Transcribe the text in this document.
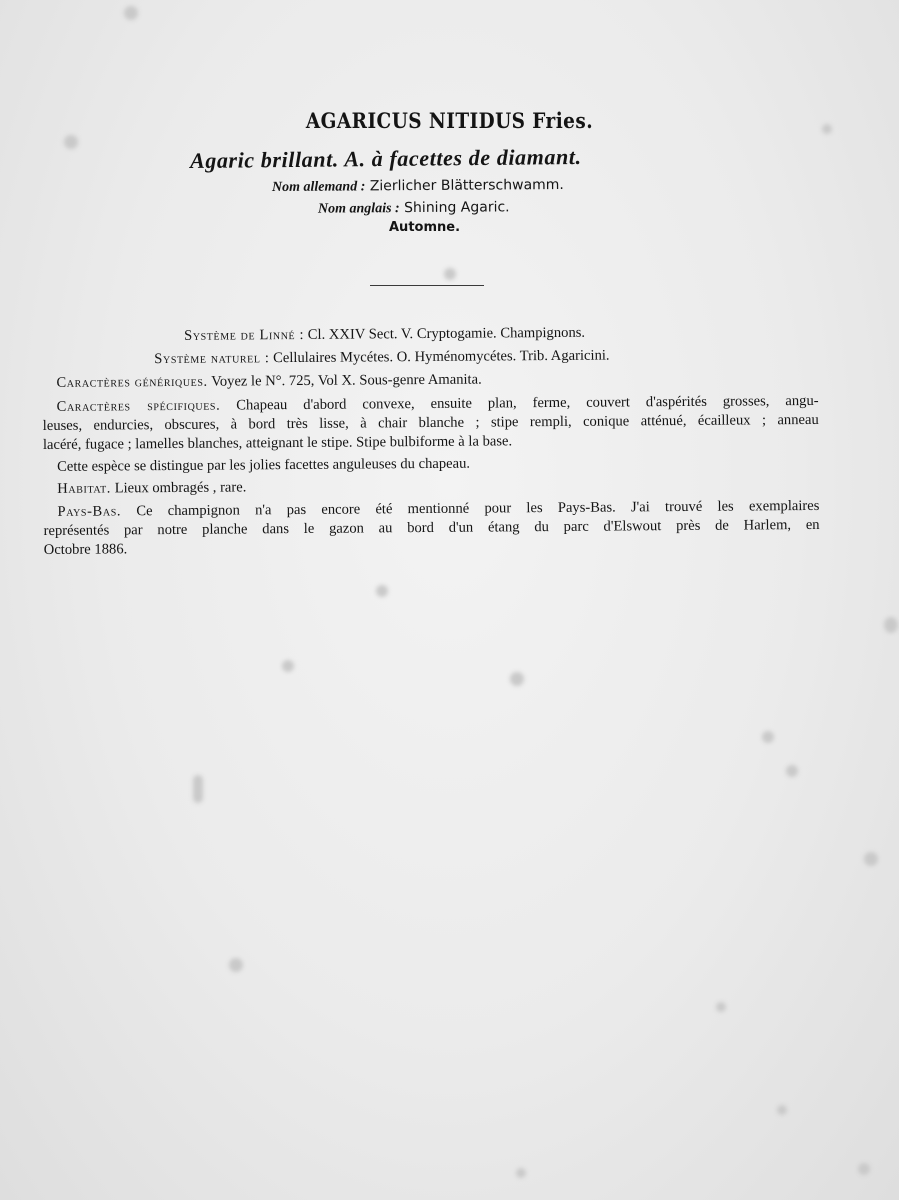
AGARICUS NITIDUS Fries.
Agaric brillant. A. à facettes de diamant.
Nom allemand : Zierlicher Blätterschwamm.
Nom anglais : Shining Agaric.
Automne.
Système de Linné : Cl. XXIV Sect. V. Cryptogamie. Champignons.
Système naturel : Cellulaires Mycétes. O. Hyménomycétes. Trib. Agaricini.
Caractères génériques. Voyez le N°. 725, Vol X. Sous-genre Amanita.
Caractères spécifiques. Chapeau d'abord convexe, ensuite plan, ferme, couvert d'aspérités grosses, angu-
leuses, endurcies, obscures, à bord très lisse, à chair blanche ; stipe rempli, conique atténué, écailleux ; anneau
lacéré, fugace ; lamelles blanches, atteignant le stipe. Stipe bulbiforme à la base.
Cette espèce se distingue par les jolies facettes anguleuses du chapeau.
Habitat. Lieux ombragés , rare.
Pays-Bas. Ce champignon n'a pas encore été mentionné pour les Pays-Bas. J'ai trouvé les exemplaires
représentés par notre planche dans le gazon au bord d'un étang du parc d'Elswout près de Harlem, en
Octobre 1886.
